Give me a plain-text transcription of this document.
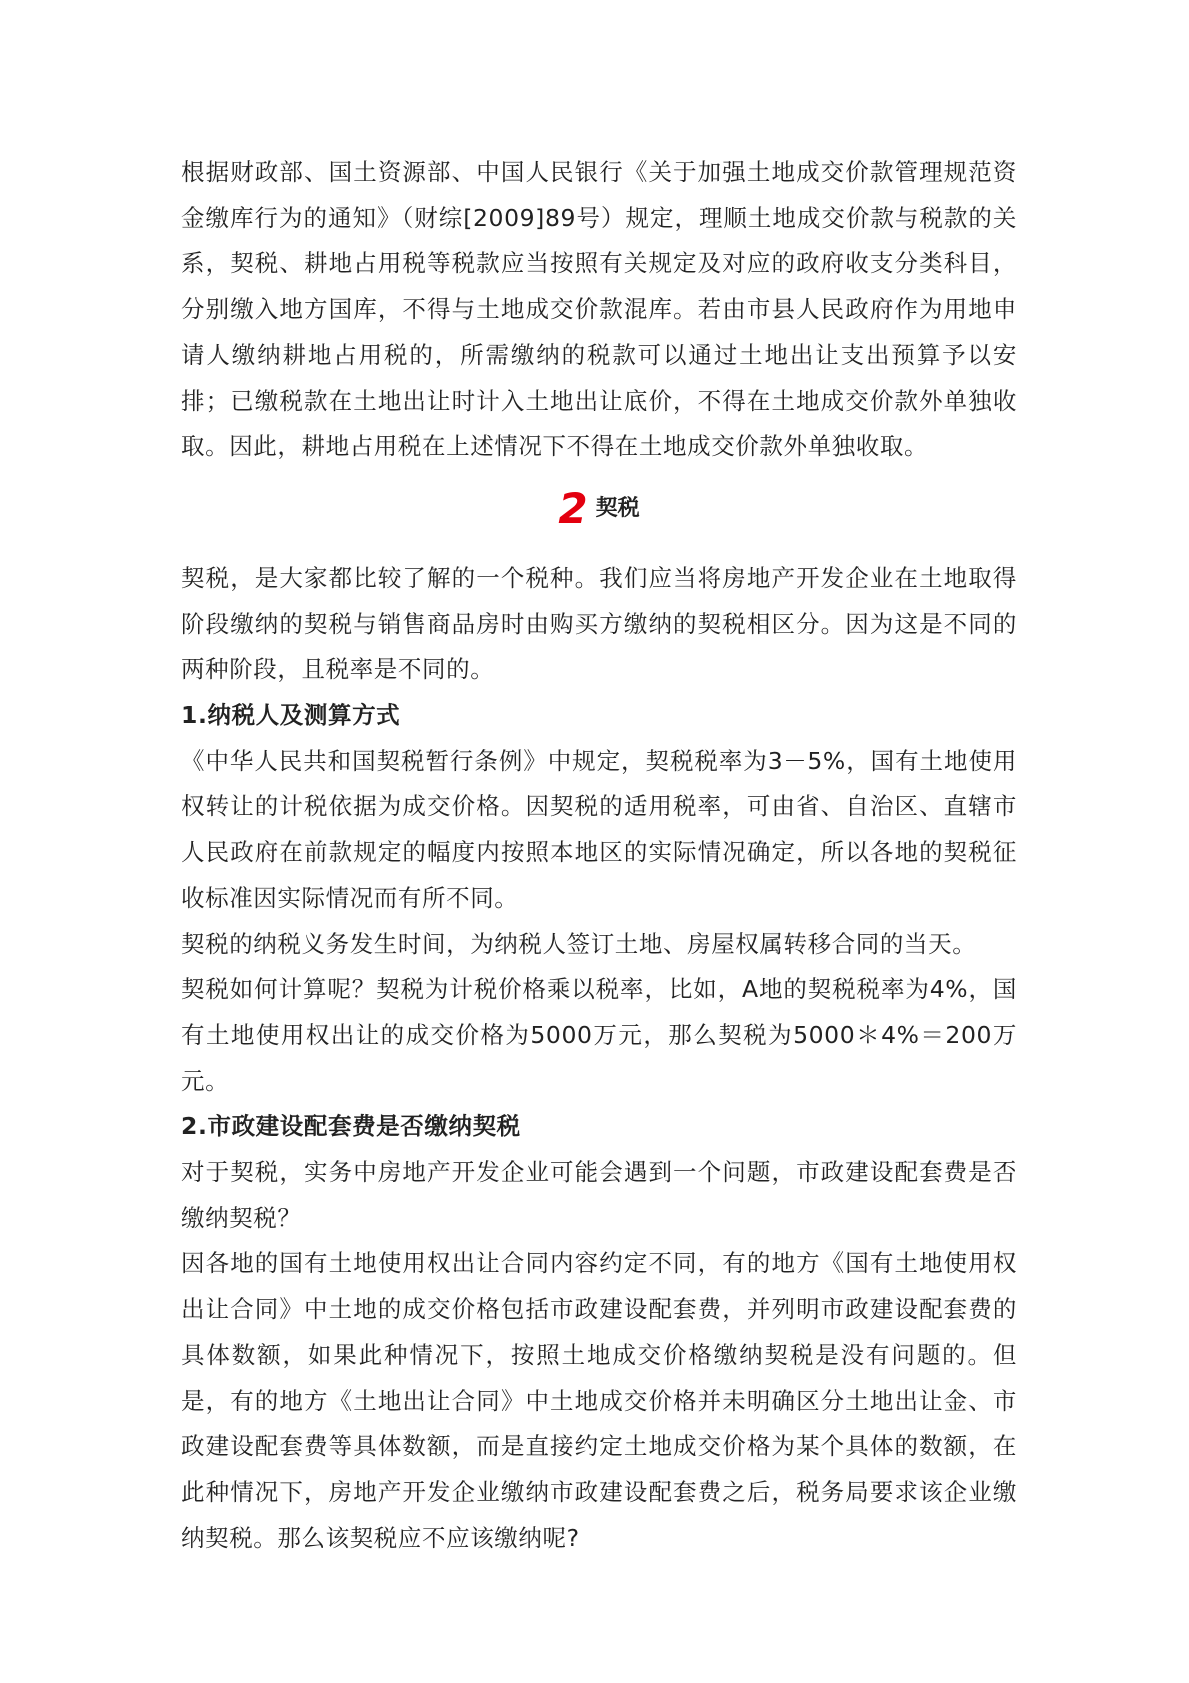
根据财政部、国土资源部、中国人民银行《关于加强土地成交价款管理规范资金缴库行为的通知》（财综[2009]89号）规定，理顺土地成交价款与税款的关系，契税、耕地占用税等税款应当按照有关规定及对应的政府收支分类科目，分别缴入地方国库，不得与土地成交价款混库。若由市县人民政府作为用地申请人缴纳耕地占用税的，所需缴纳的税款可以通过土地出让支出预算予以安排；已缴税款在土地出让时计入土地出让底价，不得在土地成交价款外单独收取。因此，耕地占用税在上述情况下不得在土地成交价款外单独收取。

2 契税

契税，是大家都比较了解的一个税种。我们应当将房地产开发企业在土地取得阶段缴纳的契税与销售商品房时由购买方缴纳的契税相区分。因为这是不同的两种阶段，且税率是不同的。

1.纳税人及测算方式

《中华人民共和国契税暂行条例》中规定，契税税率为3－5%，国有土地使用权转让的计税依据为成交价格。因契税的适用税率，可由省、自治区、直辖市人民政府在前款规定的幅度内按照本地区的实际情况确定，所以各地的契税征收标准因实际情况而有所不同。

契税的纳税义务发生时间，为纳税人签订土地、房屋权属转移合同的当天。

契税如何计算呢？契税为计税价格乘以税率，比如，A地的契税税率为4%，国有土地使用权出让的成交价格为5000万元，那么契税为5000＊4%＝200万元。

2.市政建设配套费是否缴纳契税

对于契税，实务中房地产开发企业可能会遇到一个问题，市政建设配套费是否缴纳契税？

因各地的国有土地使用权出让合同内容约定不同，有的地方《国有土地使用权出让合同》中土地的成交价格包括市政建设配套费，并列明市政建设配套费的具体数额，如果此种情况下，按照土地成交价格缴纳契税是没有问题的。但是，有的地方《土地出让合同》中土地成交价格并未明确区分土地出让金、市政建设配套费等具体数额，而是直接约定土地成交价格为某个具体的数额，在此种情况下，房地产开发企业缴纳市政建设配套费之后，税务局要求该企业缴纳契税。那么该契税应不应该缴纳呢?
